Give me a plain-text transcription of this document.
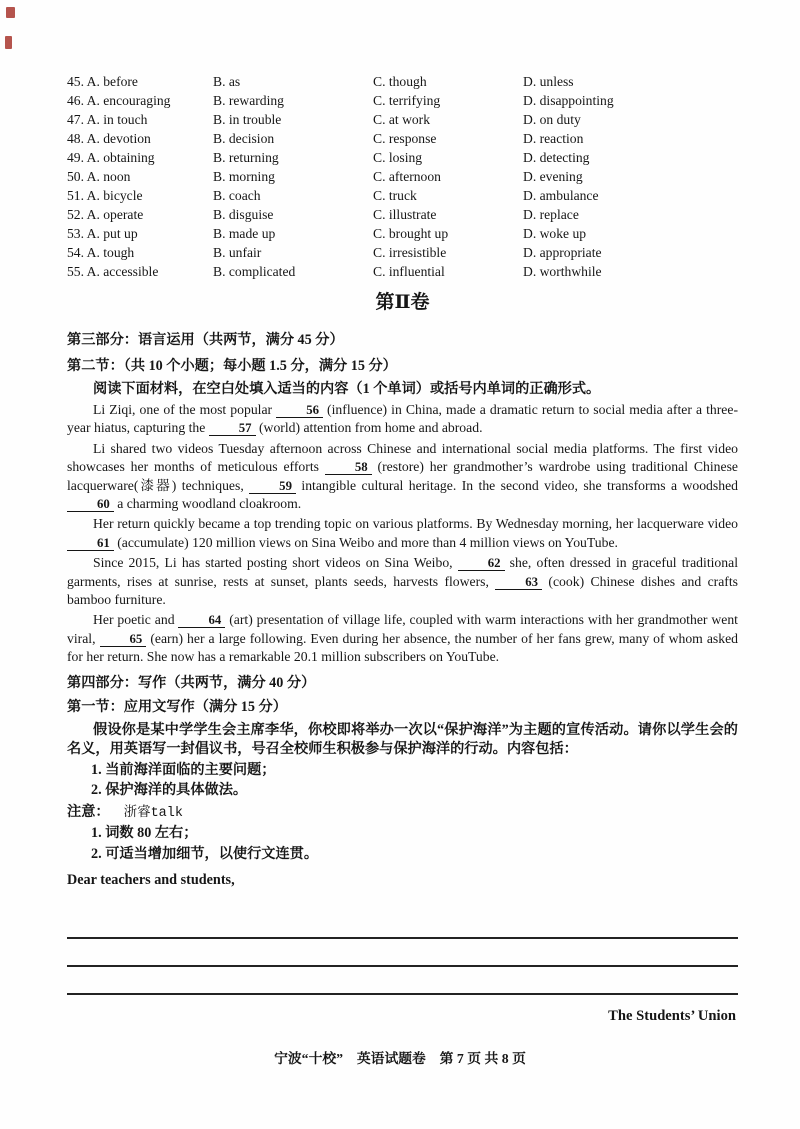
45. A. before	B. as	C. though	D. unless
46. A. encouraging	B. rewarding	C. terrifying	D. disappointing
47. A. in touch	B. in trouble	C. at work	D. on duty
48. A. devotion	B. decision	C. response	D. reaction
49. A. obtaining	B. returning	C. losing	D. detecting
50. A. noon	B. morning	C. afternoon	D. evening
51. A. bicycle	B. coach	C. truck	D. ambulance
52. A. operate	B. disguise	C. illustrate	D. replace
53. A. put up	B. made up	C. brought up	D. woke up
54. A. tough	B. unfair	C. irresistible	D. appropriate
55. A. accessible	B. complicated	C. influential	D. worthwhile
第Ⅱ卷
第三部分：语言运用（共两节，满分 45 分）
第二节：（共 10 个小题；每小题 1.5 分，满分 15 分）
阅读下面材料，在空白处填入适当的内容（1 个单词）或括号内单词的正确形式。

Li Ziqi, one of the most popular 56 (influence) in China, made a dramatic return to social media after a three-year hiatus, capturing the 57 (world) attention from home and abroad.

Li shared two videos Tuesday afternoon across Chinese and international social media platforms. The first video showcases her months of meticulous efforts 58 (restore) her grandmother’s wardrobe using traditional Chinese lacquerware(漆器) techniques, 59 intangible cultural heritage. In the second video, she transforms a woodshed 60 a charming woodland cloakroom.

Her return quickly became a top trending topic on various platforms. By Wednesday morning, her lacquerware video 61 (accumulate) 120 million views on Sina Weibo and more than 4 million views on YouTube.

Since 2015, Li has started posting short videos on Sina Weibo, 62 she, often dressed in graceful traditional garments, rises at sunrise, rests at sunset, plants seeds, harvests flowers, 63 (cook) Chinese dishes and crafts bamboo furniture.

Her poetic and 64 (art) presentation of village life, coupled with warm interactions with her grandmother went viral, 65 (earn) her a large following. Even during her absence, the number of her fans grew, many of whom asked for her return. She now has a remarkable 20.1 million subscribers on YouTube.

第四部分：写作（共两节，满分 40 分）
第一节：应用文写作（满分 15 分）
假设你是某中学学生会主席李华，你校即将举办一次以“保护海洋”为主题的宣传活动。请你以学生会的名义，用英语写一封倡议书，号召全校师生积极参与保护海洋的行动。内容包括：
1. 当前海洋面临的主要问题；
2. 保护海洋的具体做法。
注意： 浙睿talk
1. 词数 80 左右；
2. 可适当增加细节，以使行文连贯。
Dear teachers and students,
The Students’ Union
宁波“十校”　英语试题卷　第 7 页 共 8 页
